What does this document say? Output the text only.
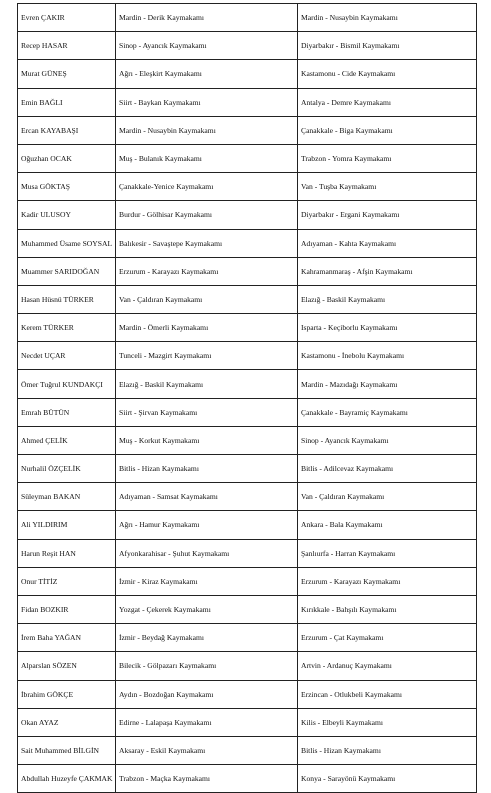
Evren ÇAKIR	Mardin - Derik Kaymakamı	Mardin - Nusaybin Kaymakamı
Recep HASAR	Sinop - Ayancık Kaymakamı	Diyarbakır - Bismil Kaymakamı
Murat GÜNEŞ	Ağrı - Eleşkirt Kaymakamı	Kastamonu - Cide Kaymakamı
Emin BAĞLI	Siirt - Baykan Kaymakamı	Antalya - Demre Kaymakamı
Ercan KAYABAŞI	Mardin - Nusaybin Kaymakamı	Çanakkale - Biga Kaymakamı
Oğuzhan OCAK	Muş - Bulanık Kaymakamı	Trabzon - Yomra Kaymakamı
Musa GÖKTAŞ	Çanakkale-Yenice Kaymakamı	Van - Tuşba Kaymakamı
Kadir ULUSOY	Burdur - Gölhisar Kaymakamı	Diyarbakır - Ergani Kaymakamı
Muhammed Üsame SOYSAL	Balıkesir - Savaştepe Kaymakamı	Adıyaman - Kahta Kaymakamı
Muammer SARIDOĞAN	Erzurum - Karayazı Kaymakamı	Kahramanmaraş - Afşin Kaymakamı
Hasan Hüsnü TÜRKER	Van - Çaldıran Kaymakamı	Elazığ - Baskil Kaymakamı
Kerem TÜRKER	Mardin - Ömerli Kaymakamı	Isparta - Keçiborlu Kaymakamı
Necdet UÇAR	Tunceli - Mazgirt Kaymakamı	Kastamonu - İnebolu Kaymakamı
Ömer Tuğrul KUNDAKÇI	Elazığ - Baskil Kaymakamı	Mardin - Mazıdağı Kaymakamı
Emrah BÜTÜN	Siirt - Şirvan Kaymakamı	Çanakkale - Bayramiç Kaymakamı
Ahmed ÇELİK	Muş - Korkut Kaymakamı	Sinop - Ayancık Kaymakamı
Nurhalil ÖZÇELİK	Bitlis - Hizan Kaymakamı	Bitlis - Adilcevaz Kaymakamı
Süleyman BAKAN	Adıyaman - Samsat Kaymakamı	Van - Çaldıran Kaymakamı
Ali YILDIRIM	Ağrı - Hamur Kaymakamı	Ankara - Bala Kaymakamı
Harun Reşit HAN	Afyonkarahisar - Şuhut Kaymakamı	Şanlıurfa - Harran Kaymakamı
Onur TİTİZ	İzmir - Kiraz Kaymakamı	Erzurum - Karayazı Kaymakamı
Fidan BOZKIR	Yozgat - Çekerek Kaymakamı	Kırıkkale - Bahşılı Kaymakamı
İrem Baha YAĞAN	İzmir - Beydağ Kaymakamı	Erzurum - Çat Kaymakamı
Alparslan SÖZEN	Bilecik - Gölpazarı Kaymakamı	Artvin - Ardanuç Kaymakamı
İbrahim GÖKÇE	Aydın - Bozdoğan Kaymakamı	Erzincan - Otlukbeli Kaymakamı
Okan AYAZ	Edirne - Lalapaşa Kaymakamı	Kilis - Elbeyli Kaymakamı
Sait Muhammed BİLGİN	Aksaray - Eskil Kaymakamı	Bitlis - Hizan Kaymakamı
Abdullah Huzeyfe ÇAKMAK	Trabzon - Maçka Kaymakamı	Konya - Sarayönü Kaymakamı
